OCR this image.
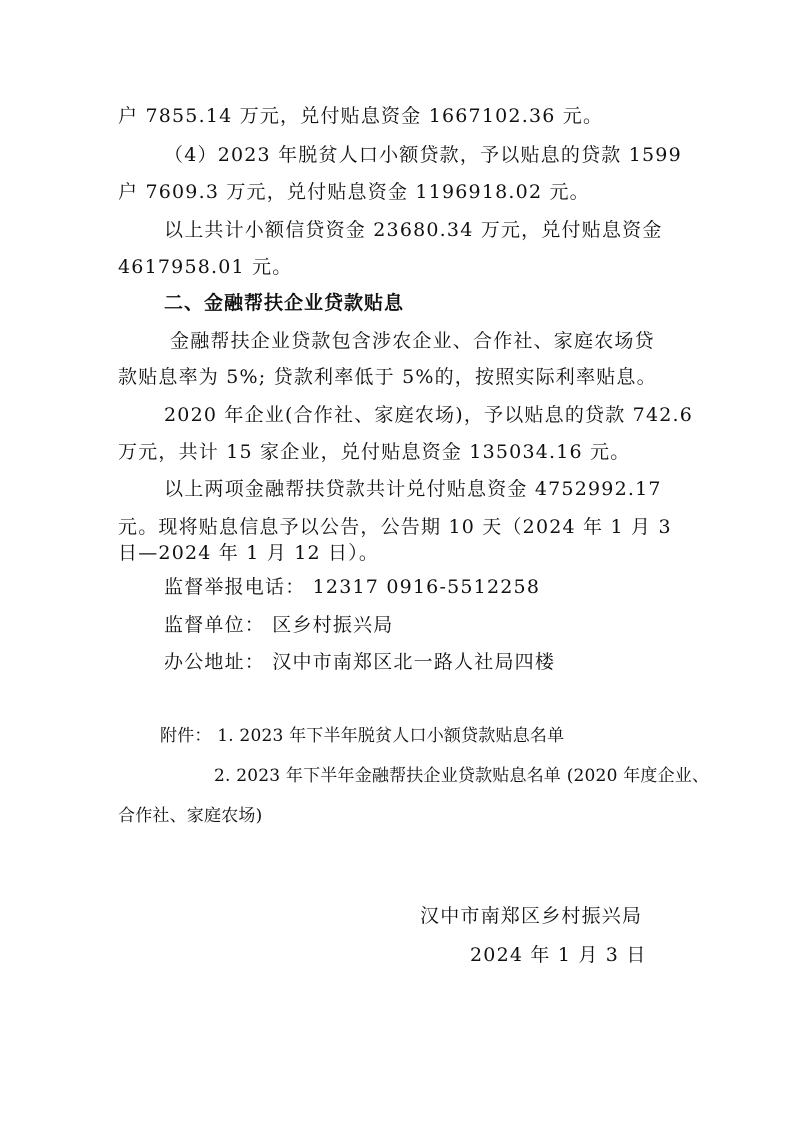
户 7855.14 万元，兑付贴息资金 1667102.36 元。
（4）2023 年脱贫人口小额贷款，予以贴息的贷款 1599
户 7609.3 万元，兑付贴息资金 1196918.02 元。
以上共计小额信贷资金 23680.34 万元，兑付贴息资金
4617958.01 元。
二、金融帮扶企业贷款贴息
金融帮扶企业贷款包含涉农企业、合作社、家庭农场贷
款贴息率为 5%; 贷款利率低于 5%的，按照实际利率贴息。
2020 年企业(合作社、家庭农场)，予以贴息的贷款 742.6
万元，共计 15 家企业，兑付贴息资金 135034.16 元。
以上两项金融帮扶贷款共计兑付贴息资金 4752992.17
元。现将贴息信息予以公告，公告期 10 天（2024 年 1 月 3
日—2024 年 1 月 12 日）。
监督举报电话： 12317 0916-5512258
监督单位： 区乡村振兴局
办公地址： 汉中市南郑区北一路人社局四楼
附件： 1. 2023 年下半年脱贫人口小额贷款贴息名单
2. 2023 年下半年金融帮扶企业贷款贴息名单 (2020 年度企业、
合作社、家庭农场)
汉中市南郑区乡村振兴局
2024 年 1 月 3 日
